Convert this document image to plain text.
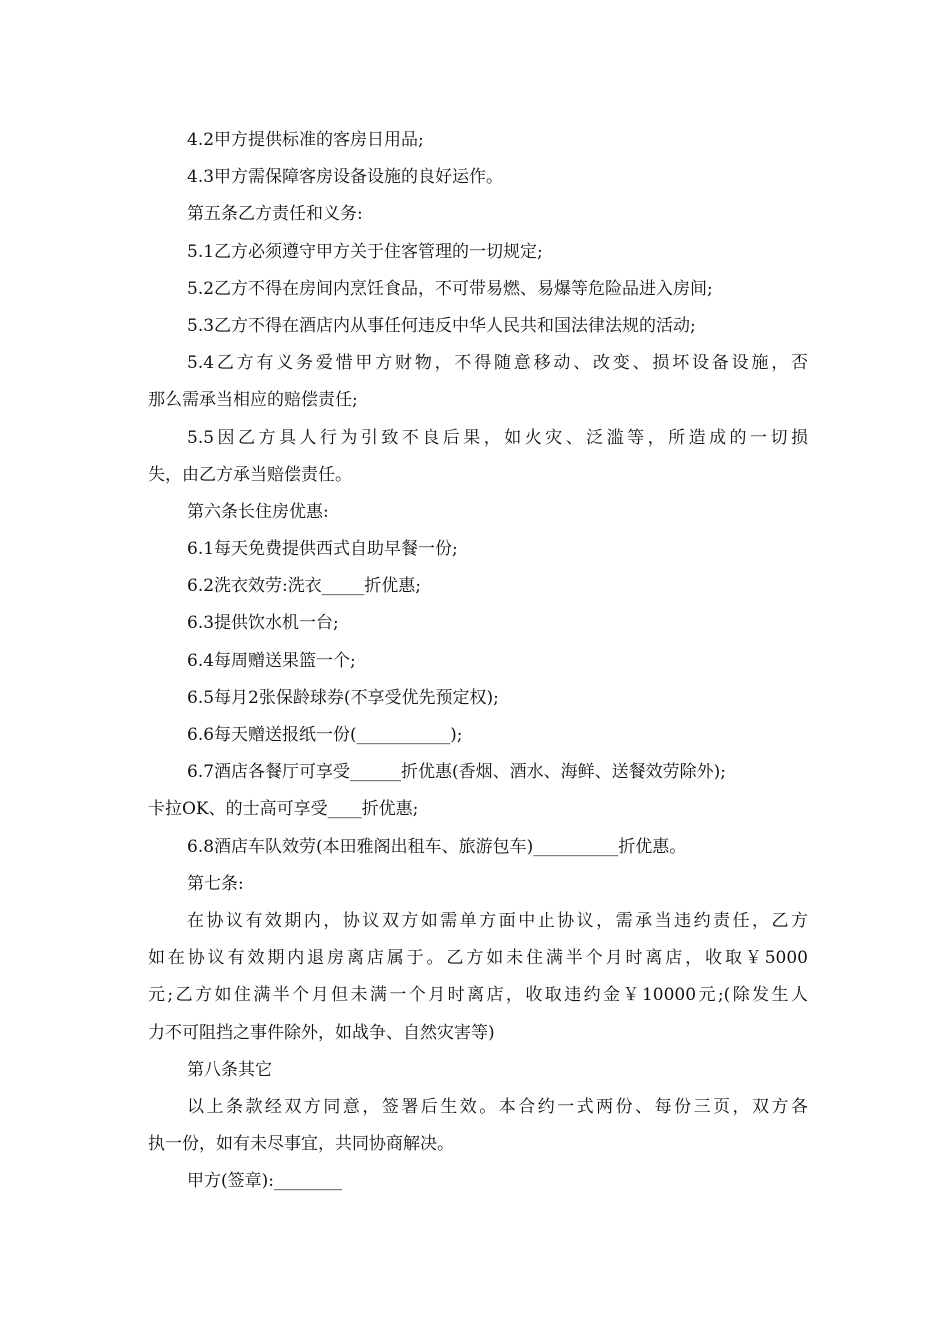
4.2甲方提供标准的客房日用品;
4.3甲方需保障客房设备设施的良好运作。
第五条乙方责任和义务:
5.1乙方必须遵守甲方关于住客管理的一切规定;
5.2乙方不得在房间内烹饪食品，不可带易燃、易爆等危险品进入房间;
5.3乙方不得在酒店内从事任何违反中华人民共和国法律法规的活动;
5.4乙方有义务爱惜甲方财物，不得随意移动、改变、损坏设备设施，否
那么需承当相应的赔偿责任;
5.5因乙方具人行为引致不良后果，如火灾、泛滥等，所造成的一切损
失，由乙方承当赔偿责任。
第六条长住房优惠:
6.1每天免费提供西式自助早餐一份;
6.2洗衣效劳:洗衣_____折优惠;
6.3提供饮水机一台;
6.4每周赠送果篮一个;
6.5每月2张保龄球券(不享受优先预定权);
6.6每天赠送报纸一份(___________);
6.7酒店各餐厅可享受______折优惠(香烟、酒水、海鲜、送餐效劳除外);
卡拉OK、的士高可享受____折优惠;
6.8酒店车队效劳(本田雅阁出租车、旅游包车)__________折优惠。
第七条:
在协议有效期内，协议双方如需单方面中止协议，需承当违约责任，乙方
如在协议有效期内退房离店属于。乙方如未住满半个月时离店，收取￥5000
元;乙方如住满半个月但未满一个月时离店，收取违约金￥10000元;(除发生人
力不可阻挡之事件除外，如战争、自然灾害等)
第八条其它
以上条款经双方同意，签署后生效。本合约一式两份、每份三页，双方各
执一份，如有未尽事宜，共同协商解决。
甲方(签章):________
